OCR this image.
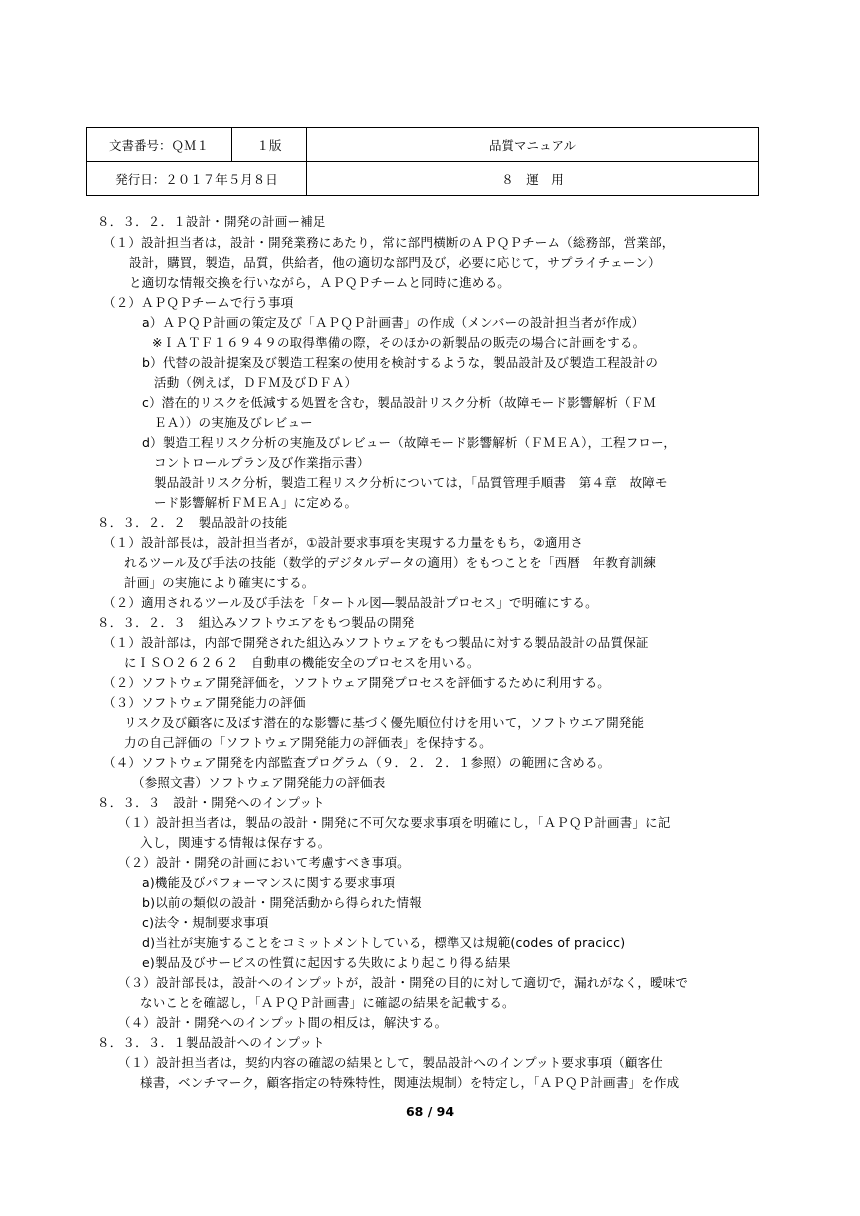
文書番号：ＱＭ１	１版	品質マニュアル
発行日：２０１７年５月８日		８　運　用
８．３．２．１設計・開発の計画ー補足
（１）設計担当者は，設計・開発業務にあたり，常に部門横断のＡＰＱＰチーム（総務部，営業部，
設計，購買，製造，品質，供給者，他の適切な部門及び，必要に応じて，サプライチェーン）
と適切な情報交換を行いながら，ＡＰＱＰチームと同時に進める。
（２）ＡＰＱＰチームで行う事項
a）ＡＰＱＰ計画の策定及び「ＡＰＱＰ計画書」の作成（メンバーの設計担当者が作成）
※ＩＡＴＦ１６９４９の取得準備の際，そのほかの新製品の販売の場合に計画をする。
b）代替の設計提案及び製造工程案の使用を検討するような，製品設計及び製造工程設計の
活動（例えば，ＤＦＭ及びＤＦＡ）
c）潜在的リスクを低減する処置を含む，製品設計リスク分析（故障モード影響解析（ＦＭ
ＥＡ））の実施及びレビュー
d）製造工程リスク分析の実施及びレビュー（故障モード影響解析（ＦＭＥＡ），工程フロー，
コントロールプラン及び作業指示書）
製品設計リスク分析，製造工程リスク分析については，「品質管理手順書　第４章　故障モ
ード影響解析ＦＭＥＡ」に定める。
８．３．２．２　製品設計の技能
（１）設計部長は，設計担当者が，①設計要求事項を実現する力量をもち，②適用さ
れるツール及び手法の技能（数学的デジタルデータの適用）をもつことを「西暦　年教育訓練
計画」の実施により確実にする。
（２）適用されるツール及び手法を「タートル図―製品設計プロセス」で明確にする。
８．３．２．３　組込みソフトウエアをもつ製品の開発
（１）設計部は，内部で開発された組込みソフトウェアをもつ製品に対する製品設計の品質保証
にＩＳＯ２６２６２　自動車の機能安全のプロセスを用いる。
（２）ソフトウェア開発評価を，ソフトウェア開発プロセスを評価するために利用する。
（３）ソフトウェア開発能力の評価
リスク及び顧客に及ぼす潜在的な影響に基づく優先順位付けを用いて，ソフトウエア開発能
力の自己評価の「ソフトウェア開発能力の評価表」を保持する。
（４）ソフトウェア開発を内部監査プログラム（９．２．２．１参照）の範囲に含める。
（参照文書）ソフトウェア開発能力の評価表
８．３．３　設計・開発へのインプット
（１）設計担当者は，製品の設計・開発に不可欠な要求事項を明確にし，「ＡＰＱＰ計画書」に記
入し，関連する情報は保存する。
（２）設計・開発の計画において考慮すべき事項。
a)機能及びパフォーマンスに関する要求事項
b)以前の類似の設計・開発活動から得られた情報
c)法令・規制要求事項
d)当社が実施することをコミットメントしている，標準又は規範(codes of pracicc)
e)製品及びサービスの性質に起因する失敗により起こり得る結果
（３）設計部長は，設計へのインプットが，設計・開発の目的に対して適切で，漏れがなく，曖味で
ないことを確認し，「ＡＰＱＰ計画書」に確認の結果を記載する。
（４）設計・開発へのインプット間の相反は，解決する。
８．３．３．１製品設計へのインプット
（１）設計担当者は，契約内容の確認の結果として，製品設計へのインプット要求事項（顧客仕
様書，ベンチマーク，顧客指定の特殊特性，関連法規制）を特定し，「ＡＰＱＰ計画書」を作成
68 / 94
